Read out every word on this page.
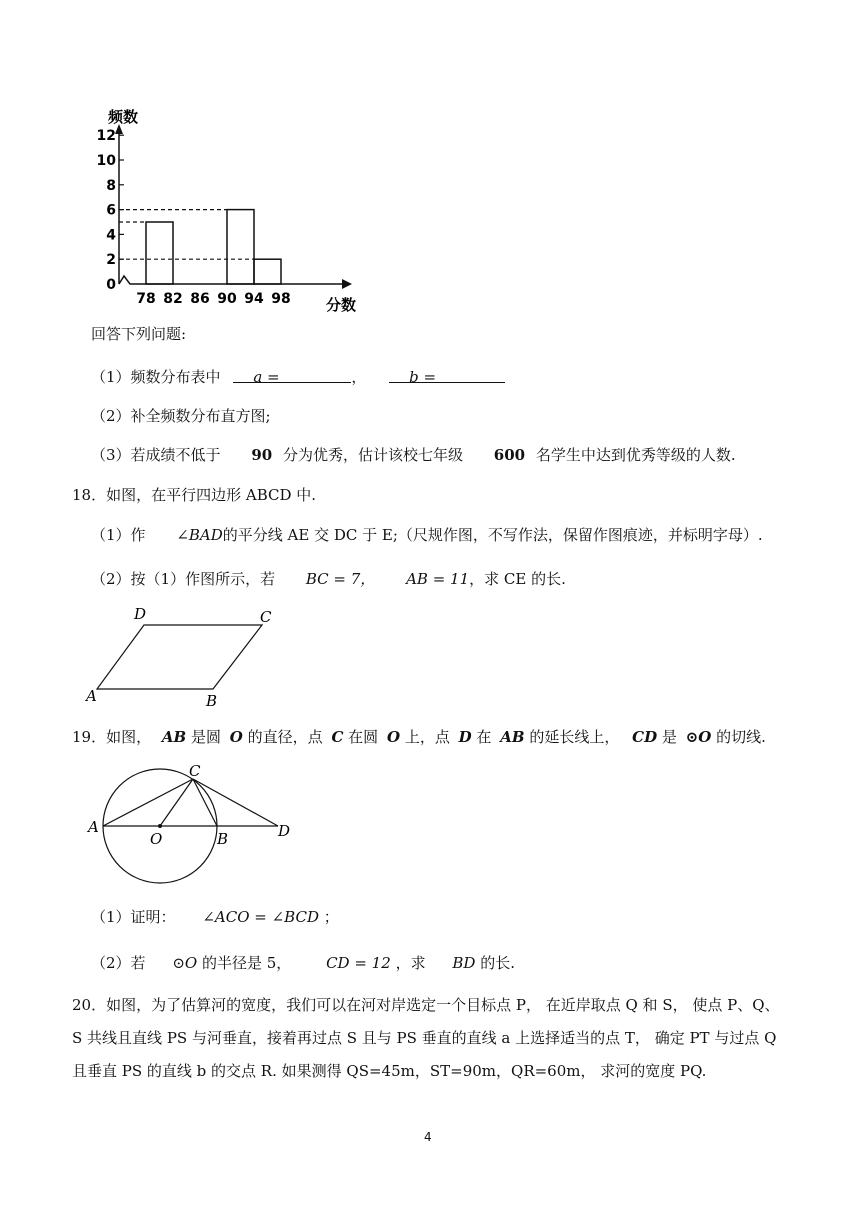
0
2
4
6
8
10
12
78 82 86 90 94 98
频数
分数
回答下列问题:
（1）频数分布表中 a =	，	b =
（2）补全频数分布直方图;
（3）若成绩不低于 90 分为优秀，估计该校七年级 600 名学生中达到优秀等级的人数.
18．如图，在平行四边形 ABCD 中.
（1）作 ∠BAD的平分线 AE 交 DC 于 E;（尺规作图，不写作法，保留作图痕迹，并标明字母）.
（2）按（1）作图所示，若 BC = 7， AB = 11，求 CE 的长.
D	C
A	B
19．如图， AB 是圆 O 的直径，点 C 在圆 O 上，点 D 在 AB 的延长线上， CD 是 ⊙O 的切线.
C
A
O	B	D
（1）证明： ∠ACO = ∠BCD ；
（2）若 ⊙O 的半径是 5， CD = 12 ，求 BD 的长.
20．如图，为了估算河的宽度，我们可以在河对岸选定一个目标点 P， 在近岸取点 Q 和 S， 使点 P、Q、
S 共线且直线 PS 与河垂直，接着再过点 S 且与 PS 垂直的直线 a 上选择适当的点 T， 确定 PT 与过点 Q
且垂直 PS 的直线 b 的交点 R. 如果测得 QS=45m，ST=90m，QR=60m， 求河的宽度 PQ.
4
